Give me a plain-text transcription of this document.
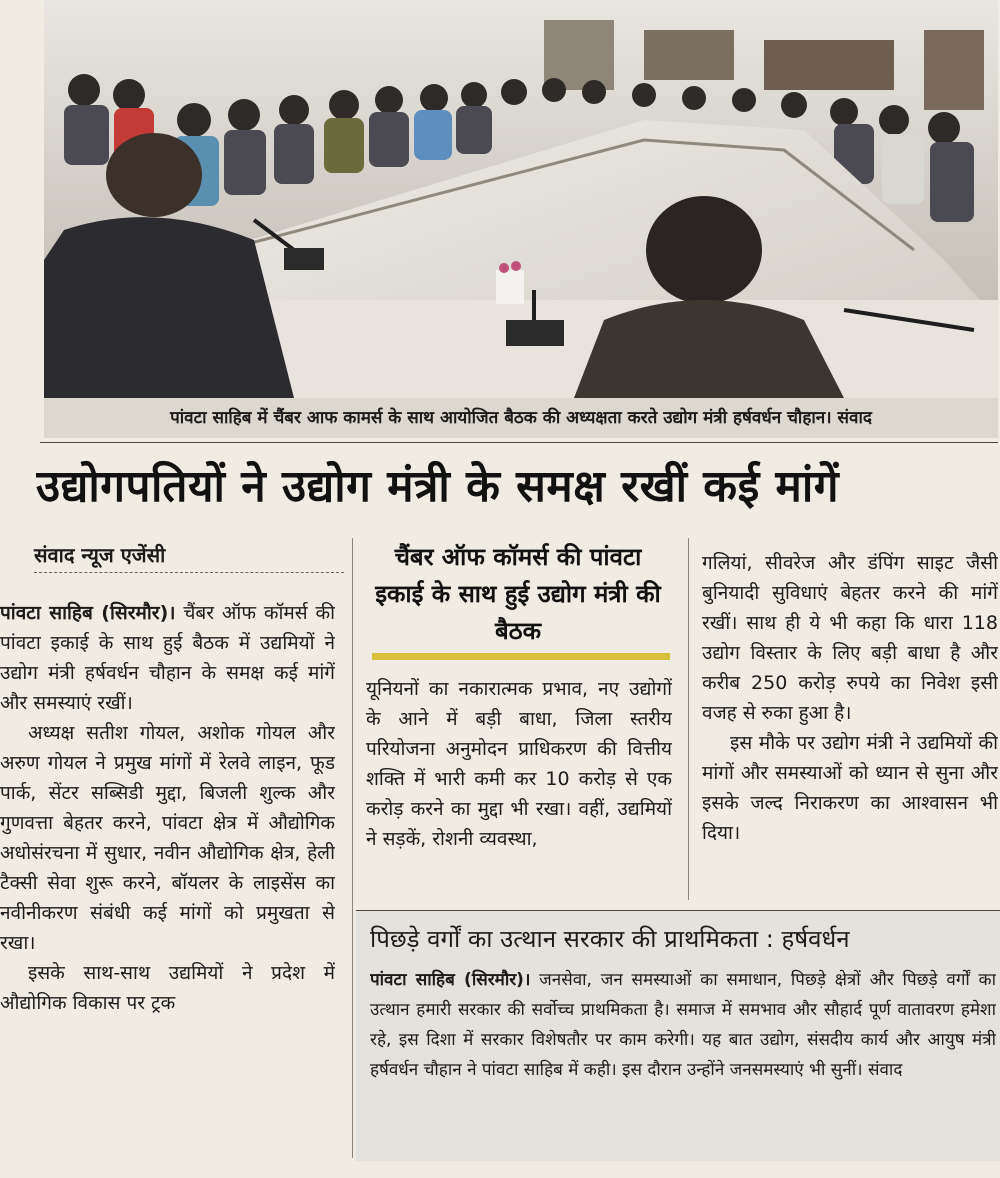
पांवटा साहिब में चैंबर आफ कामर्स के साथ आयोजित बैठक की अध्यक्षता करते उद्योग मंत्री हर्षवर्धन चौहान। संवाद
उद्योगपतियों ने उद्योग मंत्री के समक्ष रखीं कई मांगें
संवाद न्यूज एजेंसी

पांवटा साहिब (सिरमौर)। चैंबर ऑफ कॉमर्स की पांवटा इकाई के साथ हुई बैठक में उद्यमियों ने उद्योग मंत्री हर्षवर्धन चौहान के समक्ष कई मांगें और समस्याएं रखीं।

अध्यक्ष सतीश गोयल, अशोक गोयल और अरुण गोयल ने प्रमुख मांगों में रेलवे लाइन, फूड पार्क, सेंटर सब्सिडी मुद्दा, बिजली शुल्क और गुणवत्ता बेहतर करने, पांवटा क्षेत्र में औद्योगिक अधोसंरचना में सुधार, नवीन औद्योगिक क्षेत्र, हेली टैक्सी सेवा शुरू करने, बॉयलर के लाइसेंस का नवीनीकरण संबंधी कई मांगों को प्रमुखता से रखा।

इसके साथ-साथ उद्यमियों ने प्रदेश में औद्योगिक विकास पर ट्रक

चैंबर ऑफ कॉमर्स की पांवटा इकाई के साथ हुई उद्योग मंत्री की बैठक

यूनियनों का नकारात्मक प्रभाव, नए उद्योगों के आने में बड़ी बाधा, जिला स्तरीय परियोजना अनुमोदन प्राधिकरण की वित्तीय शक्ति में भारी कमी कर 10 करोड़ से एक करोड़ करने का मुद्दा भी रखा। वहीं, उद्यमियों ने सड़कें, रोशनी व्यवस्था,

गलियां, सीवरेज और डंपिंग साइट जैसी बुनियादी सुविधाएं बेहतर करने की मांगें रखीं। साथ ही ये भी कहा कि धारा 118 उद्योग विस्तार के लिए बड़ी बाधा है और करीब 250 करोड़ रुपये का निवेश इसी वजह से रुका हुआ है।

इस मौके पर उद्योग मंत्री ने उद्यमियों की मांगों और समस्याओं को ध्यान से सुना और इसके जल्द निराकरण का आश्वासन भी दिया।

पिछड़े वर्गों का उत्थान सरकार की प्राथमिकता : हर्षवर्धन
पांवटा साहिब (सिरमौर)। जनसेवा, जन समस्याओं का समाधान, पिछड़े क्षेत्रों और पिछड़े वर्गों का उत्थान हमारी सरकार की सर्वोच्च प्राथमिकता है। समाज में समभाव और सौहार्द पूर्ण वातावरण हमेशा रहे, इस दिशा में सरकार विशेषतौर पर काम करेगी। यह बात उद्योग, संसदीय कार्य और आयुष मंत्री हर्षवर्धन चौहान ने पांवटा साहिब में कही। इस दौरान उन्होंने जनसमस्याएं भी सुनीं। संवाद
